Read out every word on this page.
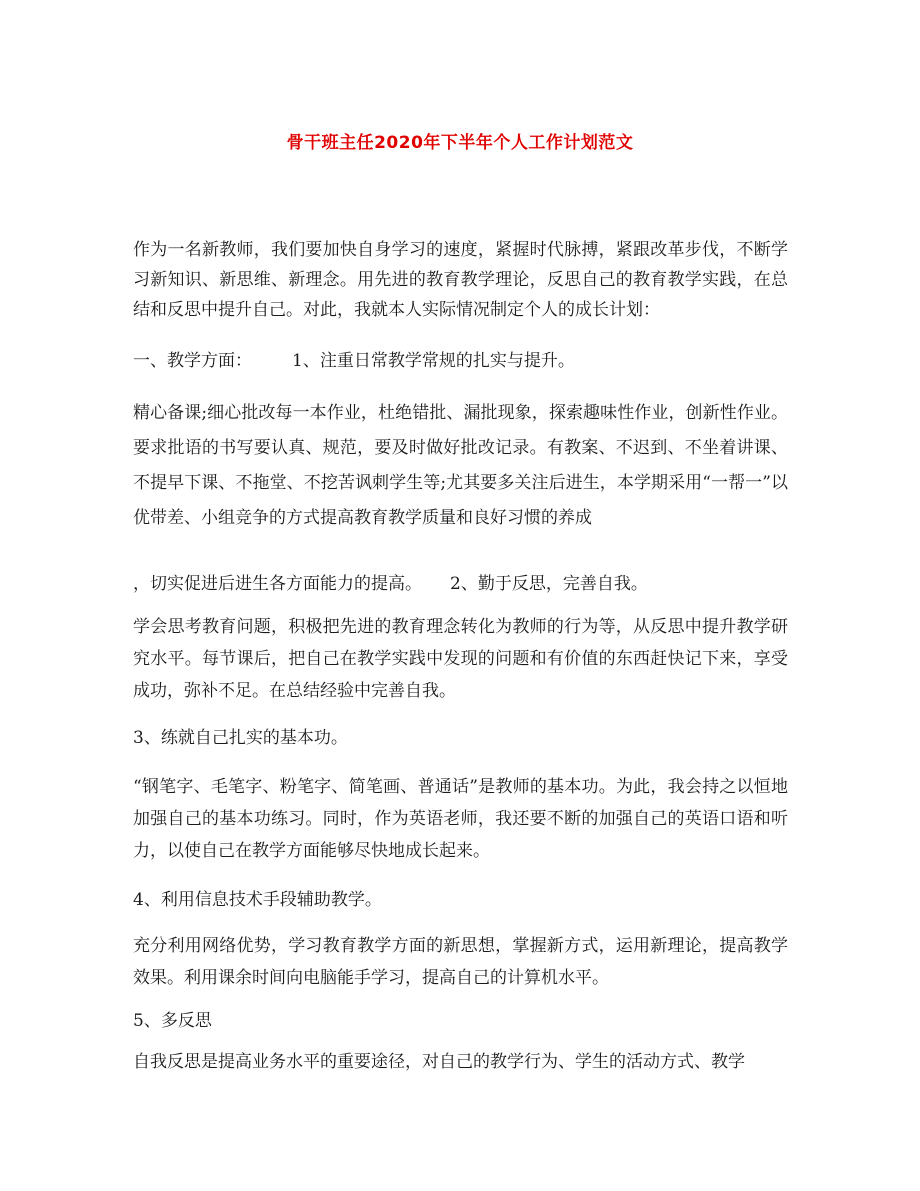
骨干班主任2020年下半年个人工作计划范文

作为一名新教师，我们要加快自身学习的速度，紧握时代脉搏，紧跟改革步伐，不断学习新知识、新思维、新理念。用先进的教育教学理论，反思自己的教育教学实践，在总结和反思中提升自己。对此，我就本人实际情况制定个人的成长计划：

一、教学方面： 1、注重日常教学常规的扎实与提升。

精心备课;细心批改每一本作业，杜绝错批、漏批现象，探索趣味性作业，创新性作业。要求批语的书写要认真、规范，要及时做好批改记录。有教案、不迟到、不坐着讲课、不提早下课、不拖堂、不挖苦讽刺学生等;尤其要多关注后进生，本学期采用“一帮一”以优带差、小组竞争的方式提高教育教学质量和良好习惯的养成

，切实促进后进生各方面能力的提高。 2、勤于反思，完善自我。

学会思考教育问题，积极把先进的教育理念转化为教师的行为等，从反思中提升教学研究水平。每节课后，把自己在教学实践中发现的问题和有价值的东西赶快记下来，享受成功，弥补不足。在总结经验中完善自我。

3、练就自己扎实的基本功。

“钢笔字、毛笔字、粉笔字、简笔画、普通话”是教师的基本功。为此，我会持之以恒地加强自己的基本功练习。同时，作为英语老师，我还要不断的加强自己的英语口语和听力，以使自己在教学方面能够尽快地成长起来。

4、利用信息技术手段辅助教学。

充分利用网络优势，学习教育教学方面的新思想，掌握新方式，运用新理论，提高教学效果。利用课余时间向电脑能手学习，提高自己的计算机水平。

5、多反思

自我反思是提高业务水平的重要途径，对自己的教学行为、学生的活动方式、教学
